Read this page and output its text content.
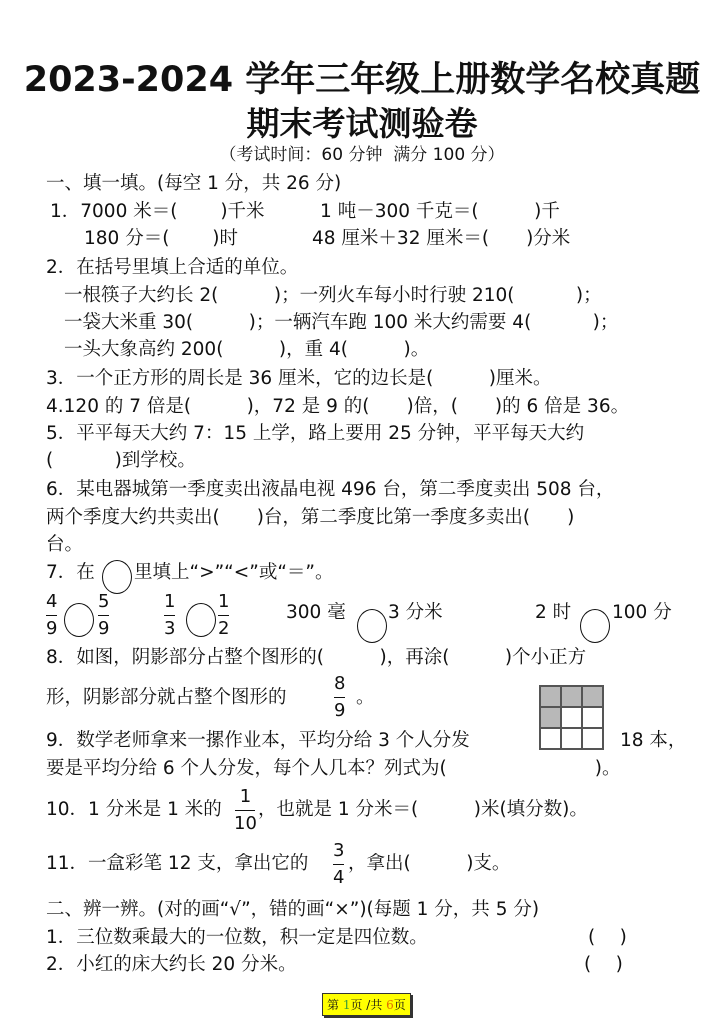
2023-2024 学年三年级上册数学名校真题
期末考试测验卷
（考试时间：60 分钟  满分 100 分）
一、填一填。(每空 1 分，共 26 分)
1．7000 米＝(　　 )千米　　　1 吨－300 千克＝(　　　)千
180 分＝(　　 )时　　　　48 厘米＋32 厘米＝(　　)分米
2．在括号里填上合适的单位。
一根筷子大约长 2(　　　)；一列火车每小时行驶 210(　　　 )；
一袋大米重 30(　　　)；一辆汽车跑 100 米大约需要 4(　　　 )；
一头大象高约 200(　　　)，重 4(　　　)。
3．一个正方形的周长是 36 厘米，它的边长是(　　　)厘米。
4.120 的 7 倍是(　　　)，72 是 9 的(　　)倍，(　　)的 6 倍是 36。
5．平平每天大约 7：15 上学，路上要用 25 分钟，平平每天大约
(　　　 )到学校。
6．某电器城第一季度卖出液晶电视 496 台，第二季度卖出 508 台，
两个季度大约共卖出(　　)台，第二季度比第一季度多卖出(　　)
台。
7．在 里填上“>”“<”或“＝”。
4
9
5
9
1
3
1
2
300 毫 3 分米	2 时 100 分
8．如图，阴影部分占整个图形的(　　　)，再涂(　　　)个小正方
形，阴影部分就占整个图形的
8
9
。
9．数学老师拿来一摞作业本，平均分给 3 个人分发	18 本，
要是平均分给 6 个人分发，每个人几本？列式为(　　　　　　　　)。
10．1 分米是 1 米的
1
10
，也就是 1 分米＝(　　　)米(填分数)。
11．一盒彩笔 12 支，拿出它的
3
4
，拿出(　　　)支。
二、辨一辨。(对的画“√”，错的画“×”)(每题 1 分，共 5 分)
1．三位数乘最大的一位数，积一定是四位数。	(　 )
2．小红的床大约长 20 分米。	(　 )
第 1页 /共 6页
